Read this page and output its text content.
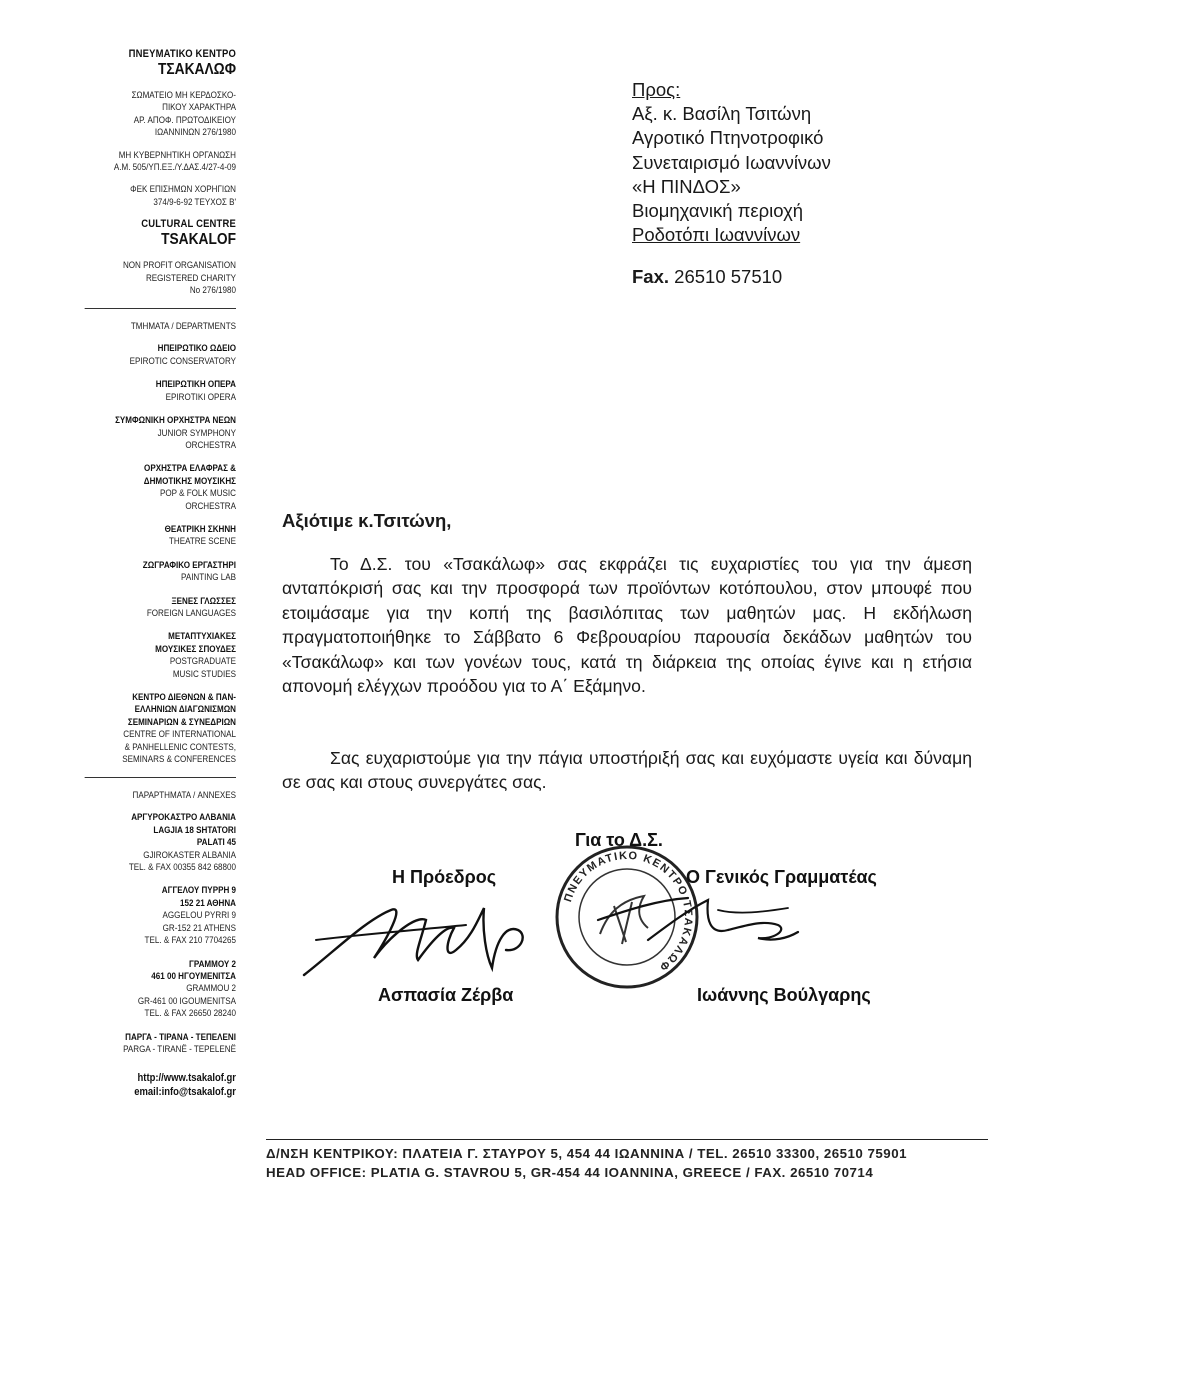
ΠΝΕΥΜΑΤΙΚΟ ΚΕΝΤΡΟ
ΤΣΑΚΑΛΩΦ
ΣΩΜΑΤΕΙΟ ΜΗ ΚΕΡΔΟΣΚΟ-
ΠΙΚΟΥ ΧΑΡΑΚΤΗΡΑ
ΑΡ. ΑΠΟΦ. ΠΡΩΤΟΔΙΚΕΙΟΥ
ΙΩΑΝΝΙΝΩΝ 276/1980
ΜΗ ΚΥΒΕΡΝΗΤΙΚΗ ΟΡΓΑΝΩΣΗ
Α.Μ. 505/ΥΠ.ΕΞ./Υ.ΔΑΣ.4/27-4-09
ΦΕΚ ΕΠΙΣΗΜΩΝ ΧΟΡΗΓΙΩΝ
374/9-6-92 ΤΕΥΧΟΣ Β'
CULTURAL CENTRE
TSAKALOF
NON PROFIT ORGANISATION
REGISTERED CHARITY
No 276/1980
ΤΜΗΜΑΤΑ / DEPARTMENTS
ΗΠΕΙΡΩΤΙΚΟ ΩΔΕΙΟ
EPIROTIC CONSERVATORY
ΗΠΕΙΡΩΤΙΚΗ ΟΠΕΡΑ
EPIROTIKI OPERA
ΣΥΜΦΩΝΙΚΗ ΟΡΧΗΣΤΡΑ ΝΕΩΝ
JUNIOR SYMPHONY
ORCHESTRA
ΟΡΧΗΣΤΡΑ ΕΛΑΦΡΑΣ &
ΔΗΜΟΤΙΚΗΣ ΜΟΥΣΙΚΗΣ
POP & FOLK MUSIC
ORCHESTRA
ΘΕΑΤΡΙΚΗ ΣΚΗΝΗ
THEATRE SCENE
ΖΩΓΡΑΦΙΚΟ ΕΡΓΑΣΤΗΡΙ
PAINTING LAB
ΞΕΝΕΣ ΓΛΩΣΣΕΣ
FOREIGN LANGUAGES
ΜΕΤΑΠΤΥΧΙΑΚΕΣ
ΜΟΥΣΙΚΕΣ ΣΠΟΥΔΕΣ
POSTGRADUATE
MUSIC STUDIES
ΚΕΝΤΡΟ ΔΙΕΘΝΩΝ & ΠΑΝ-
ΕΛΛΗΝΙΩΝ ΔΙΑΓΩΝΙΣΜΩΝ
ΣΕΜΙΝΑΡΙΩΝ & ΣΥΝΕΔΡΙΩΝ
CENTRE OF INTERNATIONAL
& PANHELLENIC CONTESTS,
SEMINARS & CONFERENCES
ΠΑΡΑΡΤΗΜΑΤΑ / ANNEXES
ΑΡΓΥΡΟΚΑΣΤΡΟ ΑΛΒΑΝΙΑ
LAGJIA 18 SHTATORI
PALATI 45
GJIROKASTER ALBANIA
TEL. & FAX 00355 842 68800
ΑΓΓΕΛΟΥ ΠΥΡΡΗ 9
152 21 ΑΘΗΝΑ
AGGELOU PYRRI 9
GR-152 21 ATHENS
TEL. & FAX 210 7704265
ΓΡΑΜΜΟΥ 2
461 00 ΗΓΟΥΜΕΝΙΤΣΑ
GRAMMOU 2
GR-461 00 IGOUMENITSA
TEL. & FAX 26650 28240
ΠΑΡΓΑ - ΤΙΡΑΝΑ - ΤΕΠΕΛΕΝΙ
PARGA - TIRANË - TEPELENË
http://www.tsakalof.gr
email:info@tsakalof.gr
Προς:
Αξ. κ. Βασίλη Τσιτώνη
Αγροτικό Πτηνοτροφικό
Συνεταιρισμό Ιωαννίνων
«Η ΠΙΝΔΟΣ»
Βιομηχανική περιοχή
Ροδοτόπι Ιωαννίνων
Fax. 26510 57510
Αξιότιμε κ.Τσιτώνη,
Το Δ.Σ. του «Τσακάλωφ» σας εκφράζει τις ευχαριστίες του για την άμεση ανταπόκρισή σας και την προσφορά των προϊόντων κοτόπουλου, στον μπουφέ που ετοιμάσαμε για την κοπή της βασιλόπιτας των μαθητών μας. Η εκδήλωση πραγματοποιήθηκε το Σάββατο 6 Φεβρουαρίου παρουσία δεκάδων μαθητών του «Τσακάλωφ» και των γονέων τους, κατά τη διάρκεια της οποίας έγινε και η ετήσια απονομή ελέγχων προόδου για το Α΄ Εξάμηνο.
Σας ευχαριστούμε για την πάγια υποστήριξή σας και ευχόμαστε υγεία και δύναμη σε σας και στους συνεργάτες σας.
ΠΝΕΥΜΑΤΙΚΟ ΚΕΝΤΡΟ ΤΣΑΚΑΛΩΦ
Για το Δ.Σ.
Η Πρόεδρος	Ο Γενικός Γραμματέας
Ασπασία Ζέρβα	Ιωάννης Βούλγαρης
Δ/ΝΣΗ ΚΕΝΤΡΙΚΟΥ: ΠΛΑΤΕΙΑ Γ. ΣΤΑΥΡΟΥ 5, 454 44 ΙΩΑΝΝΙΝΑ / TEL. 26510 33300, 26510 75901
HEAD OFFICE: PLATIA G. STAVROU 5, GR-454 44 IOANNINA, GREECE / FAX. 26510 70714
